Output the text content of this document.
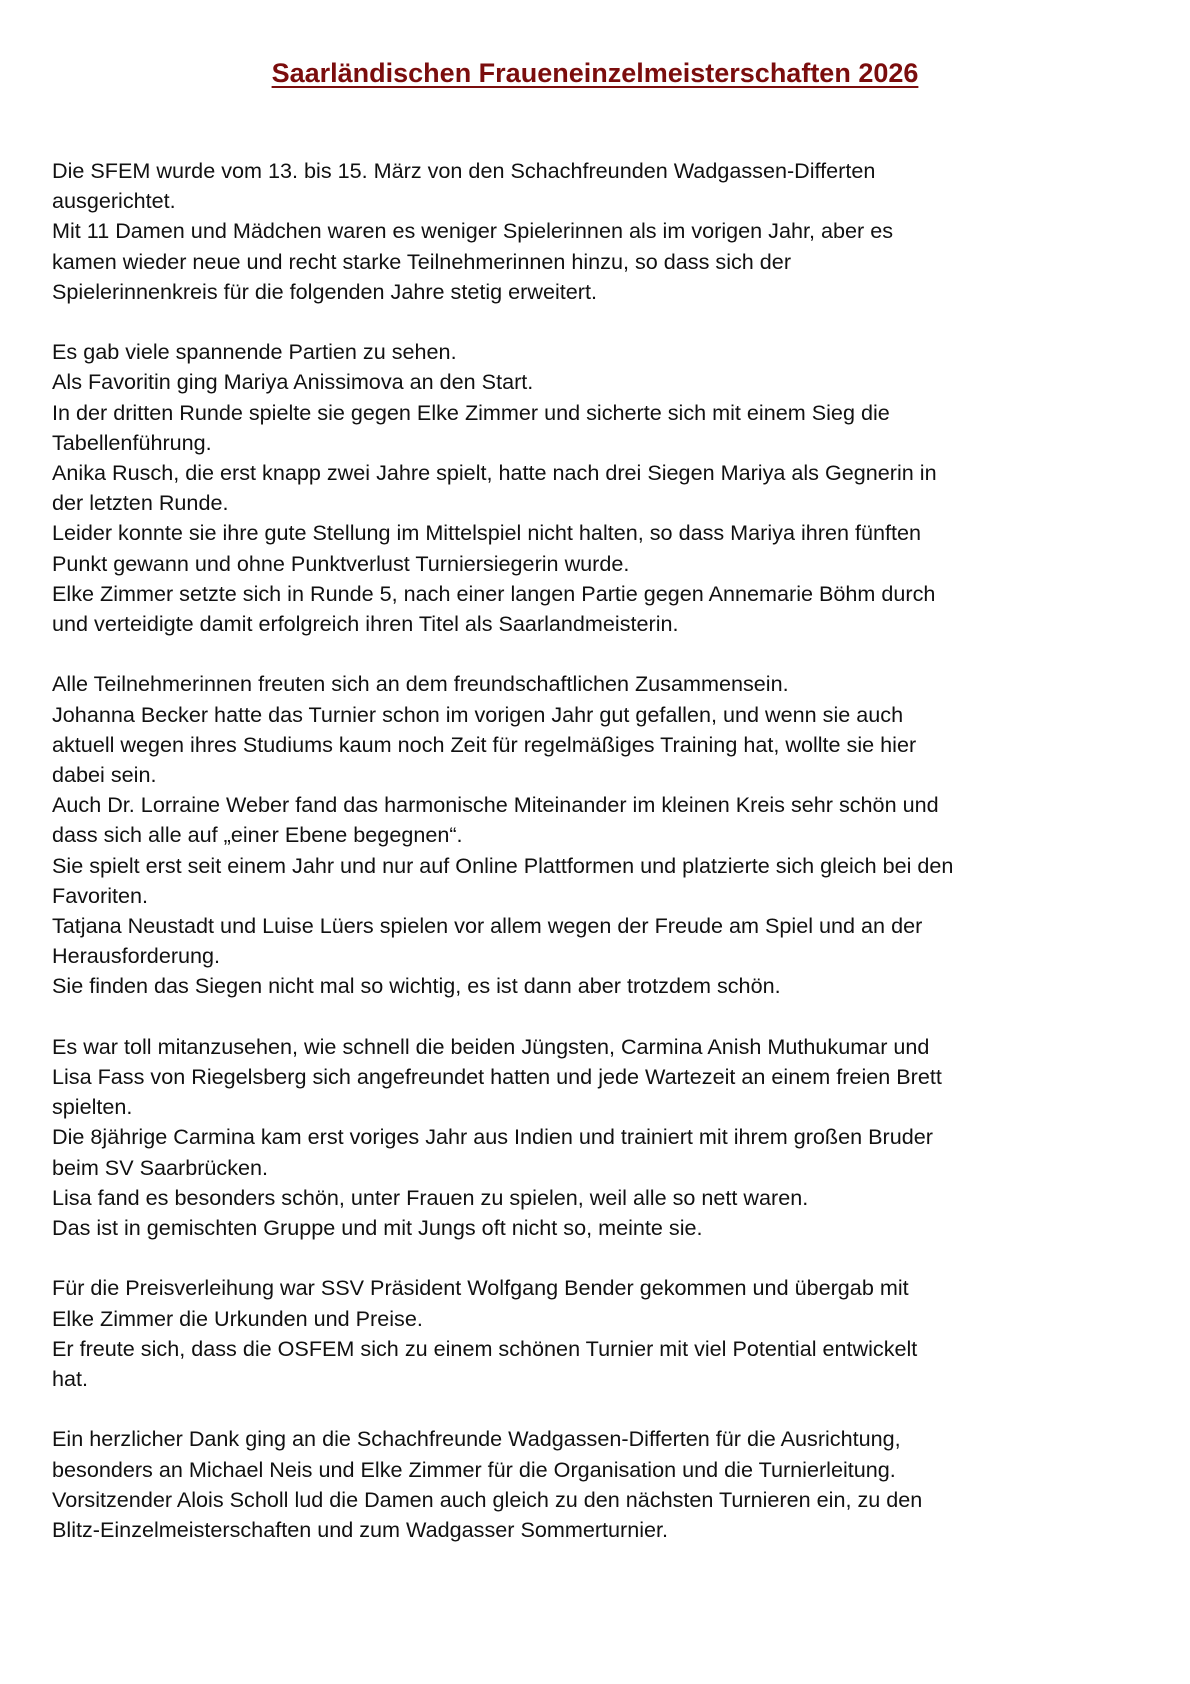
Saarländischen Fraueneinzelmeisterschaften 2026
Die SFEM wurde vom 13. bis 15. März von den Schachfreunden Wadgassen-Differten
ausgerichtet.
Mit 11 Damen und Mädchen waren es weniger Spielerinnen als im vorigen Jahr, aber es
kamen wieder neue und recht starke Teilnehmerinnen hinzu, so dass sich der
Spielerinnenkreis für die folgenden Jahre stetig erweitert.
Es gab viele spannende Partien zu sehen.
Als Favoritin ging Mariya Anissimova an den Start.
In der dritten Runde spielte sie gegen Elke Zimmer und sicherte sich mit einem Sieg die
Tabellenführung.
Anika Rusch, die erst knapp zwei Jahre spielt, hatte nach drei Siegen Mariya als Gegnerin in
der letzten Runde.
Leider konnte sie ihre gute Stellung im Mittelspiel nicht halten, so dass Mariya ihren fünften
Punkt gewann und ohne Punktverlust Turniersiegerin wurde.
Elke Zimmer setzte sich in Runde 5, nach einer langen Partie gegen Annemarie Böhm durch
und verteidigte damit erfolgreich ihren Titel als Saarlandmeisterin.
Alle Teilnehmerinnen freuten sich an dem freundschaftlichen Zusammensein.
Johanna Becker hatte das Turnier schon im vorigen Jahr gut gefallen, und wenn sie auch
aktuell wegen ihres Studiums kaum noch Zeit für regelmäßiges Training hat, wollte sie hier
dabei sein.
Auch Dr. Lorraine Weber fand das harmonische Miteinander im kleinen Kreis sehr schön und
dass sich alle auf „einer Ebene begegnen“.
Sie spielt erst seit einem Jahr und nur auf Online Plattformen und platzierte sich gleich bei den
Favoriten.
Tatjana Neustadt und Luise Lüers spielen vor allem wegen der Freude am Spiel und an der
Herausforderung.
Sie finden das Siegen nicht mal so wichtig, es ist dann aber trotzdem schön.
Es war toll mitanzusehen, wie schnell die beiden Jüngsten, Carmina Anish Muthukumar und
Lisa Fass von Riegelsberg sich angefreundet hatten und jede Wartezeit an einem freien Brett
spielten.
Die 8jährige Carmina kam erst voriges Jahr aus Indien und trainiert mit ihrem großen Bruder
beim SV Saarbrücken.
Lisa fand es besonders schön, unter Frauen zu spielen, weil alle so nett waren.
Das ist in gemischten Gruppe und mit Jungs oft nicht so, meinte sie.
Für die Preisverleihung war SSV Präsident Wolfgang Bender gekommen und übergab mit
Elke Zimmer die Urkunden und Preise.
Er freute sich, dass die OSFEM sich zu einem schönen Turnier mit viel Potential entwickelt
hat.
Ein herzlicher Dank ging an die Schachfreunde Wadgassen-Differten für die Ausrichtung,
besonders an Michael Neis und Elke Zimmer für die Organisation und die Turnierleitung.
Vorsitzender Alois Scholl lud die Damen auch gleich zu den nächsten Turnieren ein, zu den
Blitz-Einzelmeisterschaften und zum Wadgasser Sommerturnier.
